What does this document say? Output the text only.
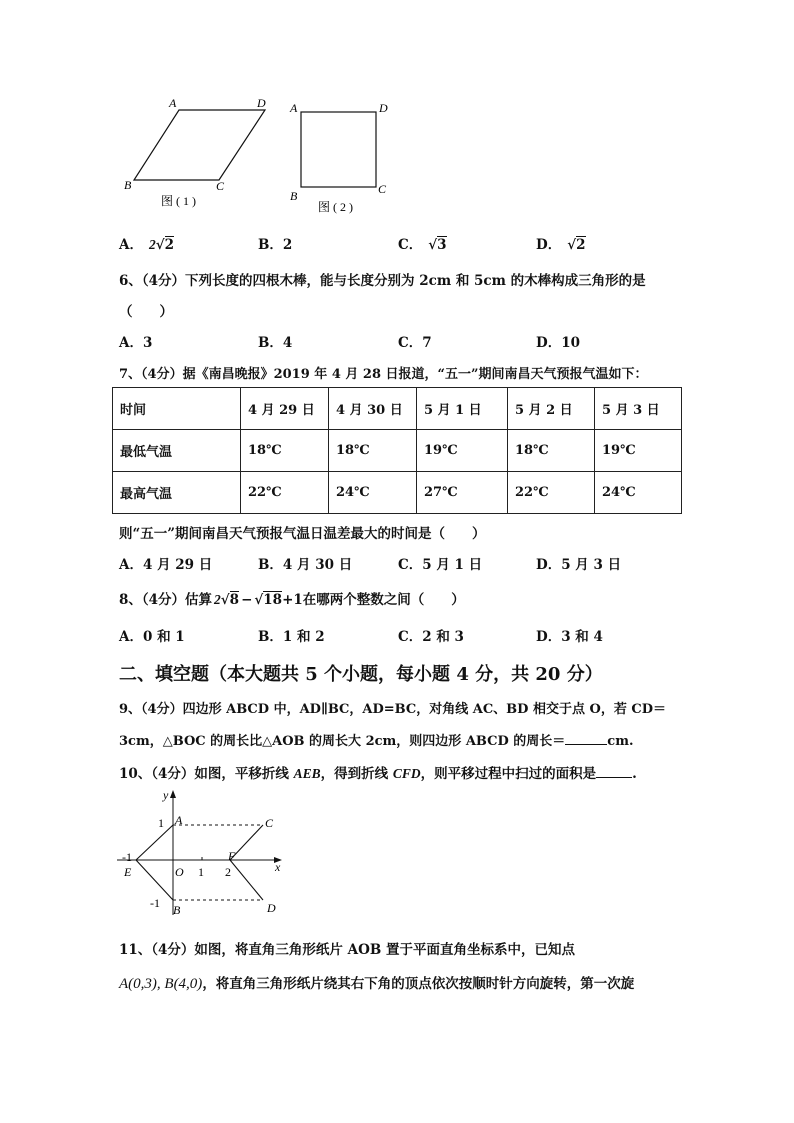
A	D
B	C
图 ( 1 )
A	D
B	C
图 ( 2 )
A． 2√2	B．2	C． √3	D． √2
6、（4分）下列长度的四根木棒，能与长度分别为 2cm 和 5cm 的木棒构成三角形的是
（　　）
A．3	B．4	C．7	D．10
7、（4分）据《南昌晚报》2019 年 4 月 28 日报道，“五一”期间南昌天气预报气温如下：
时间	4 月 29 日	4 月 30 日	5 月 1 日	5 月 2 日	5 月 3 日
最低气温	18℃	18℃	19℃	18℃	19℃
最高气温	22℃	24℃	27℃	22℃	24℃
则“五一”期间南昌天气预报气温日温差最大的时间是（　　）
A．4 月 29 日	B．4 月 30 日	C．5 月 1 日	D．5 月 3 日
8、（4分）估算 2√8 − √18+1在哪两个整数之间（　　）
A．0 和 1	B．1 和 2	C．2 和 3	D．3 和 4
二、填空题（本大题共 5 个小题，每小题 4 分，共 20 分）
9、（4分）四边形 ABCD 中，AD∥BC，AD=BC，对角线 AC、BD 相交于点 O，若 CD＝
3cm，△BOC 的周长比△AOB 的周长大 2cm，则四边形 ABCD 的周长＝	cm.
10、（4分）如图，平移折线 AEB，得到折线 CFD，则平移过程中扫过的面积是	.
y
x
A
1	C
-1
E	O 1
F
2
-1 B	D
11、（4分）如图，将直角三角形纸片 AOB 置于平面直角坐标系中，已知点
A(0,3), B(4,0)，将直角三角形纸片绕其右下角的顶点依次按顺时针方向旋转，第一次旋
